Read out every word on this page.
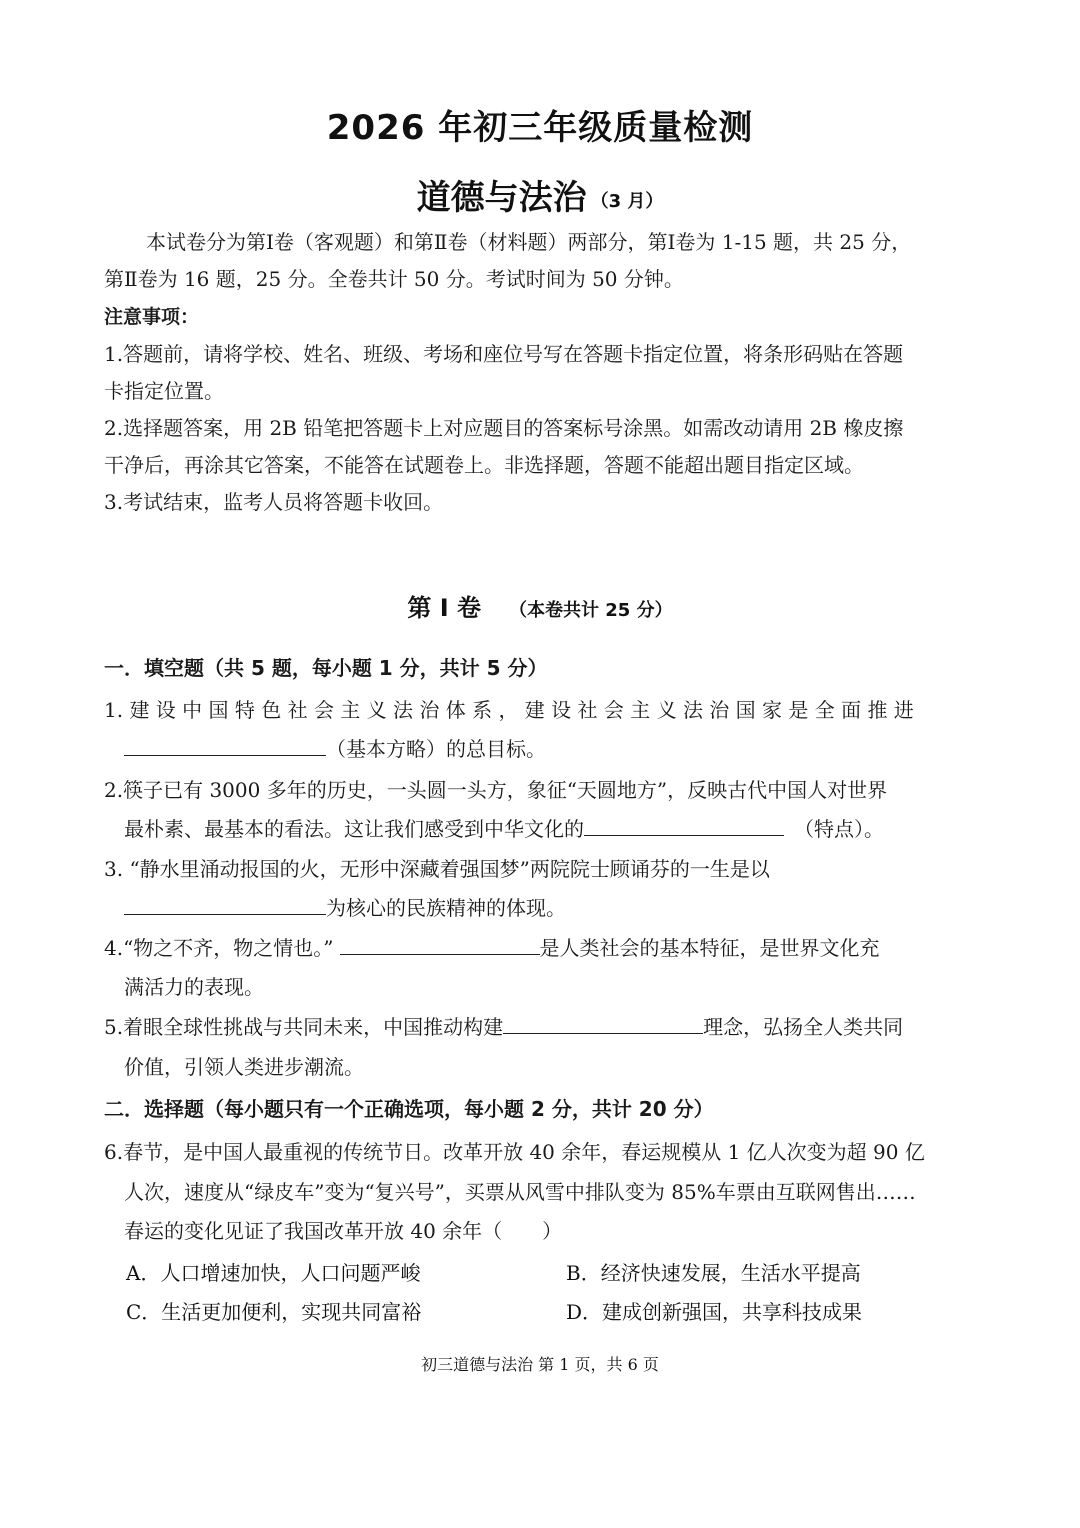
2026 年初三年级质量检测
道德与法治 （3 月）
本试卷分为第Ⅰ卷（客观题）和第Ⅱ卷（材料题）两部分，第Ⅰ卷为 1-15 题，共 25 分，
第Ⅱ卷为 16 题，25 分。全卷共计 50 分。考试时间为 50 分钟。
注意事项：
1.答题前，请将学校、姓名、班级、考场和座位号写在答题卡指定位置，将条形码贴在答题
卡指定位置。
2.选择题答案，用 2B 铅笔把答题卡上对应题目的答案标号涂黑。如需改动请用 2B 橡皮擦
干净后，再涂其它答案，不能答在试题卷上。非选择题，答题不能超出题目指定区域。
3.考试结束，监考人员将答题卡收回。
第 Ⅰ 卷 （本卷共计 25 分）
一．填空题（共 5 题，每小题 1 分，共计 5 分）
1. 建 设 中 国 特 色 社 会 主 义 法 治 体 系 ， 建 设 社 会 主 义 法 治 国 家 是 全 面 推 进
（基本方略）的总目标。
2.筷子已有 3000 多年的历史，一头圆一头方，象征“天圆地方”，反映古代中国人对世界
最朴素、最基本的看法。这让我们感受到中华文化的	（特点）。
3. “静水里涌动报国的火，无形中深藏着强国梦”两院院士顾诵芬的一生是以
为核心的民族精神的体现。
4.“物之不齐，物之情也。”	是人类社会的基本特征，是世界文化充
满活力的表现。
5.着眼全球性挑战与共同未来，中国推动构建	理念，弘扬全人类共同
价值，引领人类进步潮流。
二．选择题（每小题只有一个正确选项，每小题 2 分，共计 20 分）
6.春节，是中国人最重视的传统节日。改革开放 40 余年，春运规模从 1 亿人次变为超 90 亿
人次，速度从“绿皮车”变为“复兴号”，买票从风雪中排队变为 85%车票由互联网售出……
春运的变化见证了我国改革开放 40 余年（　　）
A．人口增速加快，人口问题严峻	B．经济快速发展，生活水平提高
C．生活更加便利，实现共同富裕	D．建成创新强国，共享科技成果
初三道德与法治 第 1 页，共 6 页
